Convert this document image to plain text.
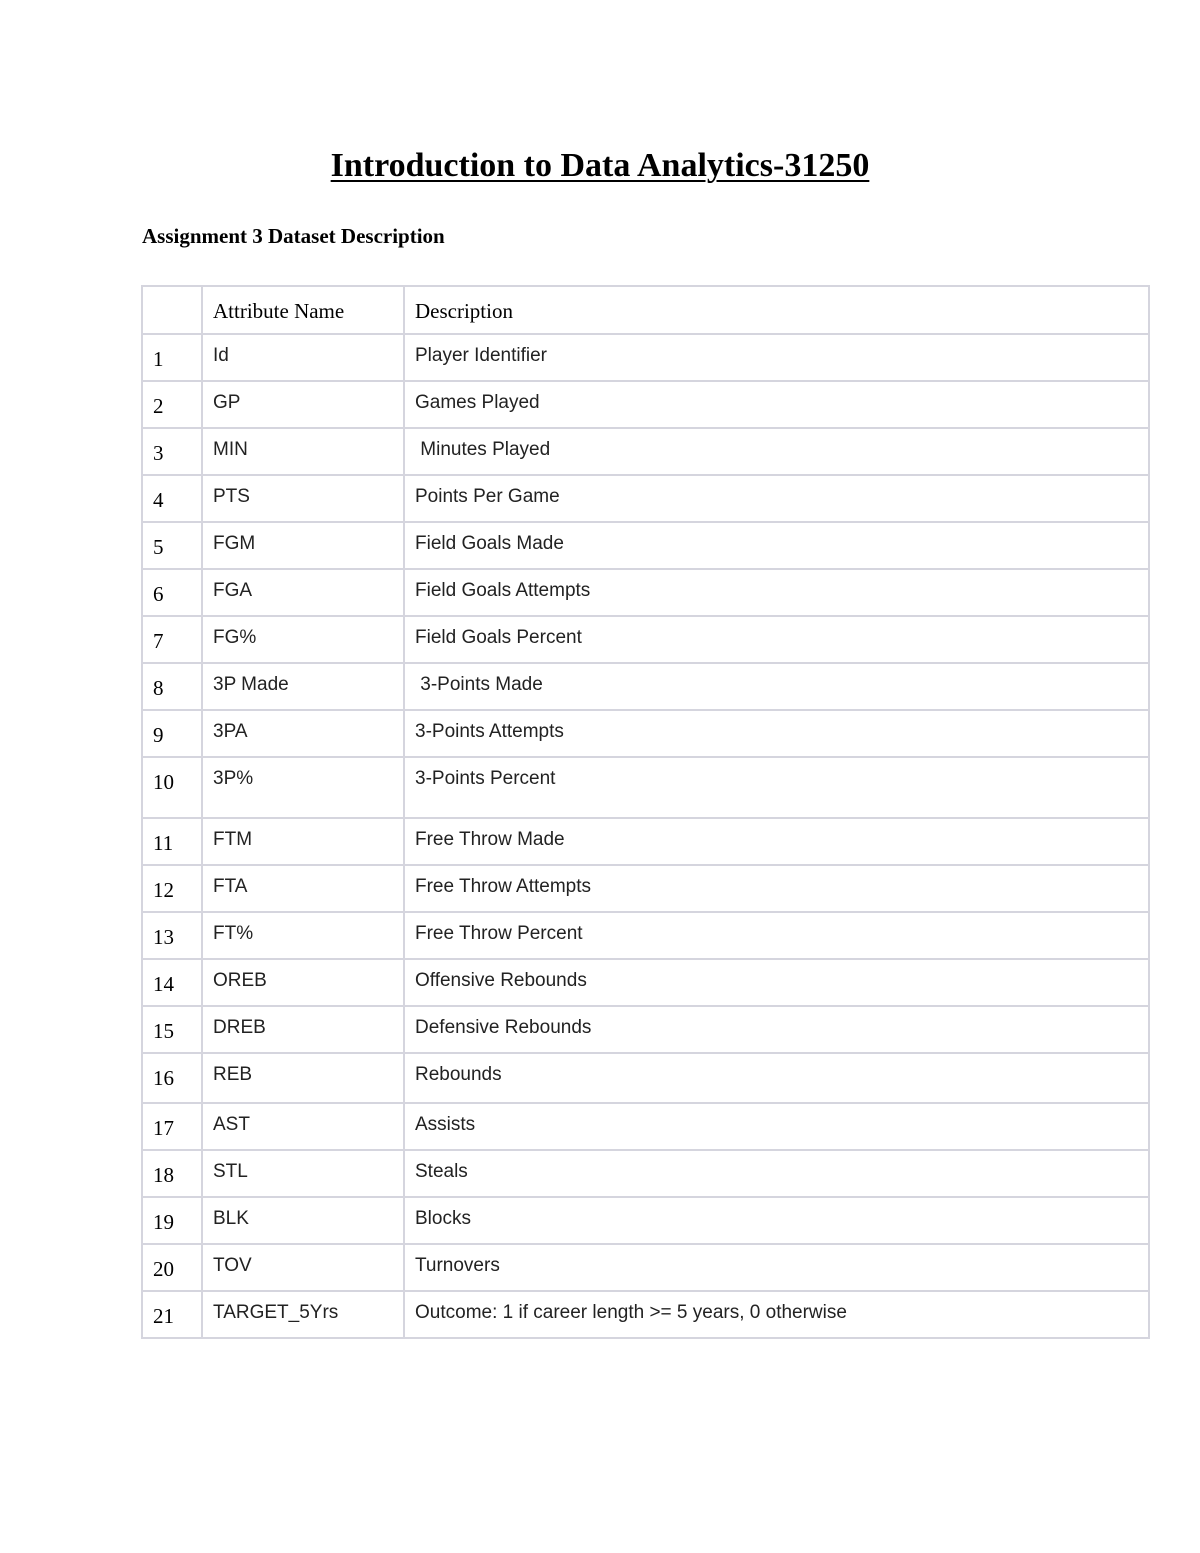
Introduction to Data Analytics-31250
Assignment 3 Dataset Description
	Attribute Name	Description
1	Id	Player Identifier
2	GP	Games Played
3	MIN	Minutes Played
4	PTS	Points Per Game
5	FGM	Field Goals Made
6	FGA	Field Goals Attempts
7	FG%	Field Goals Percent
8	3P Made	3-Points Made
9	3PA	3-Points Attempts
10	3P%	3-Points Percent
11	FTM	Free Throw Made
12	FTA	Free Throw Attempts
13	FT%	Free Throw Percent
14	OREB	Offensive Rebounds
15	DREB	Defensive Rebounds
16	REB	Rebounds
17	AST	Assists
18	STL	Steals
19	BLK	Blocks
20	TOV	Turnovers
21	TARGET_5Yrs	Outcome: 1 if career length >= 5 years, 0 otherwise
